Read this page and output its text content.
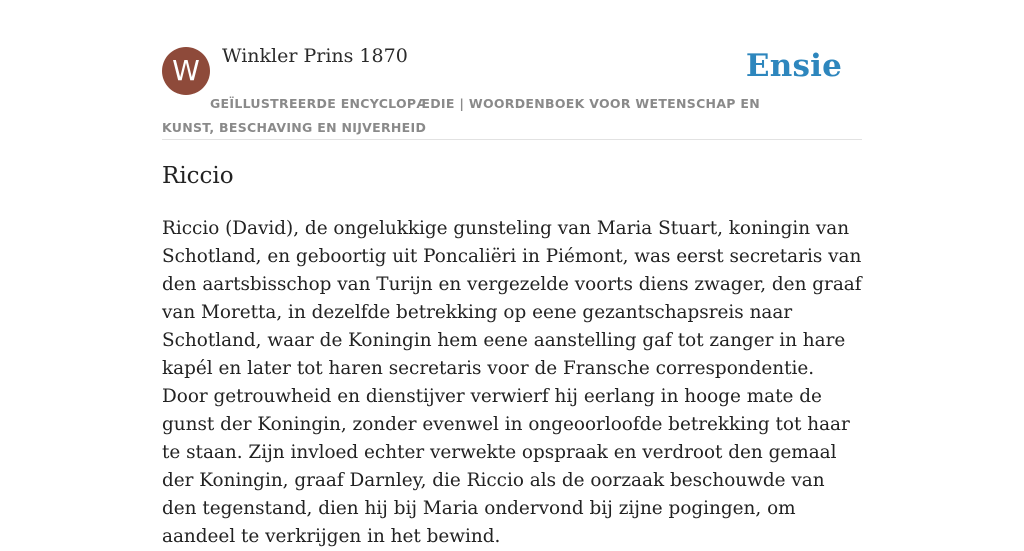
W	Winkler Prins 1870
GEÏLLUSTREERDE ENCYCLOPÆDIE | WOORDENBOEK VOOR WETENSCHAP EN KUNST, BESCHAVING EN NIJVERHEID
Ensie
Riccio

Riccio (David), de ongelukkige gunsteling van Maria Stuart, koningin van Schotland, en geboortig uit Poncaliëri in Piémont, was eerst secretaris van den aartsbisschop van Turijn en vergezelde voorts diens zwager, den graaf van Moretta, in dezelfde betrekking op eene gezantschapsreis naar Schotland, waar de Koningin hem eene aanstelling gaf tot zanger in hare kapél en later tot haren secretaris voor de Fransche correspondentie. Door getrouwheid en dienstijver verwierf hij eerlang in hooge mate de gunst der Koningin, zonder evenwel in ongeoorloofde betrekking tot haar te staan. Zijn invloed echter verwekte opspraak en verdroot den gemaal der Koningin, graaf Darnley, die Riccio als de oorzaak beschouwde van den tegenstand, dien hij bij Maria ondervond bij zijne pogingen, om aandeel te verkrijgen in het bewind.
